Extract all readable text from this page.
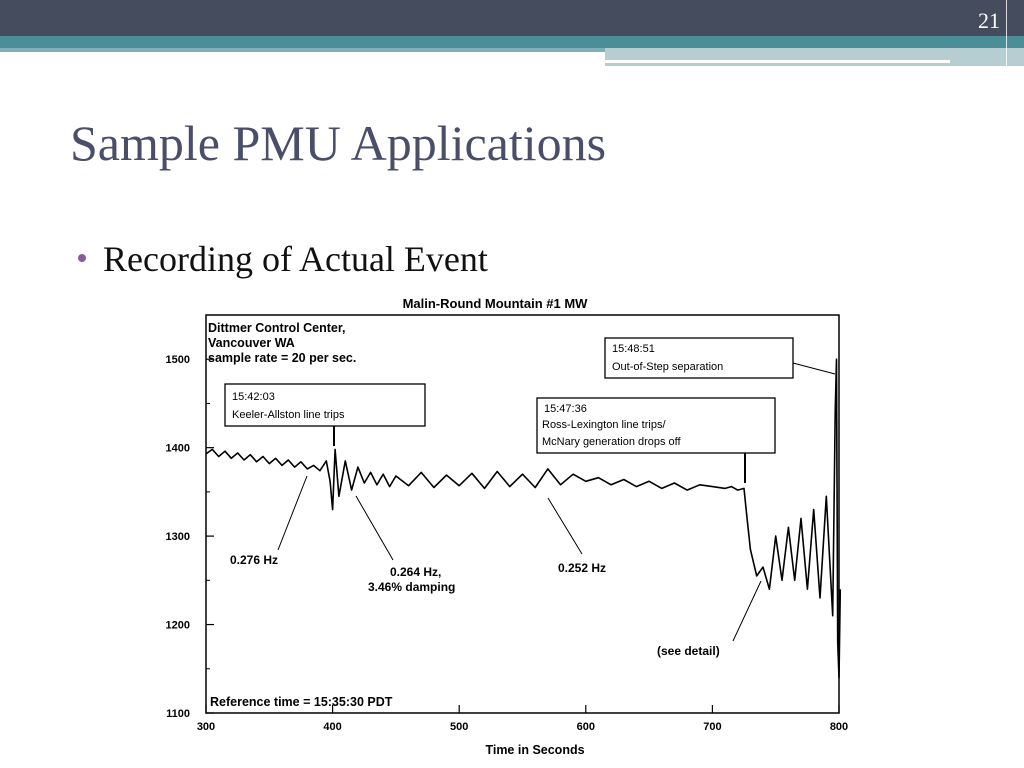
21
Sample PMU Applications
Recording of Actual Event
Malin-Round Mountain #1 MW
1100
1200
1300
1400
1500
300	400	500	600	700	800
Dittmer Control Center,
Vancouver WA
sample rate = 20 per sec.
15:42:03
Keeler-Allston line trips	15:47:36
Ross-Lexington line trips/
McNary generation drops off
15:48:51
Out-of-Step separation
0.276 Hz
0.264 Hz,
3.46% damping
0.252 Hz
(see detail)
Reference time = 15:35:30 PDT
Time in Seconds
